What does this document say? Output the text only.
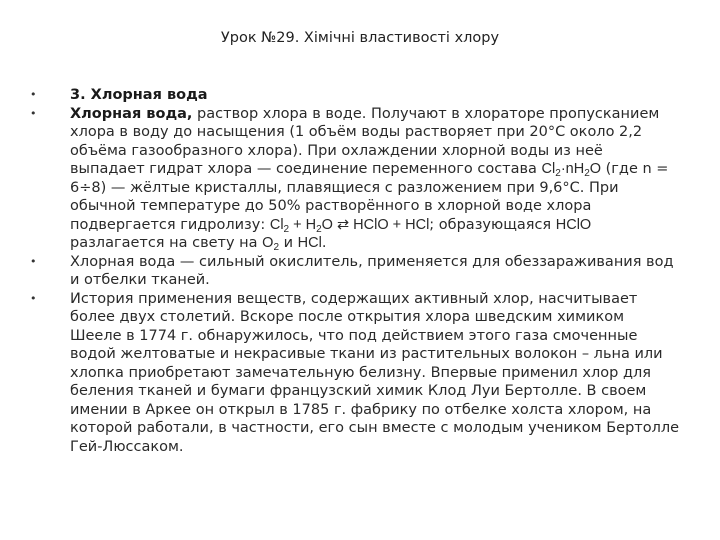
Урок №29. Хімічні властивості хлору
• 3. Хлорная вода
• Хлорная вода, раствор хлора в воде. Получают в хлораторе пропусканием хлора в воду до насыщения (1 объём воды растворяет при 20°С около 2,2 объёма газообразного хлора). При охлаждении хлорной воды из неё выпадает гидрат хлора — соединение переменного состава $Cl_2\cdot nH_2O$ (где n = 6÷8) — жёлтые кристаллы, плавящиеся с разложением при 9,6°С. При обычной температуре до 50% растворённого в хлорной воде хлора подвергается гидролизу: $Cl_2 + H_2O$ ⇄ HClO + HCl; образующаяся HClO разлагается на свету на $O_2$ и HCl.
• Хлорная вода — сильный окислитель, применяется для обеззараживания вод и отбелки тканей.
• История применения веществ, содержащих активный хлор, насчитывает более двух столетий. Вскоре после открытия хлора шведским химиком Шееле в 1774 г. обнаружилось, что под действием этого газа смоченные водой желтоватые и некрасивые ткани из растительных волокон – льна или хлопка приобретают замечательную белизну. Впервые применил хлор для беления тканей и бумаги французский химик Клод Луи Бертолле. В своем имении в Аркее он открыл в 1785 г. фабрику по отбелке холста хлором, на которой работали, в частности, его сын вместе с молодым учеником Бертолле Гей-Люссаком.
